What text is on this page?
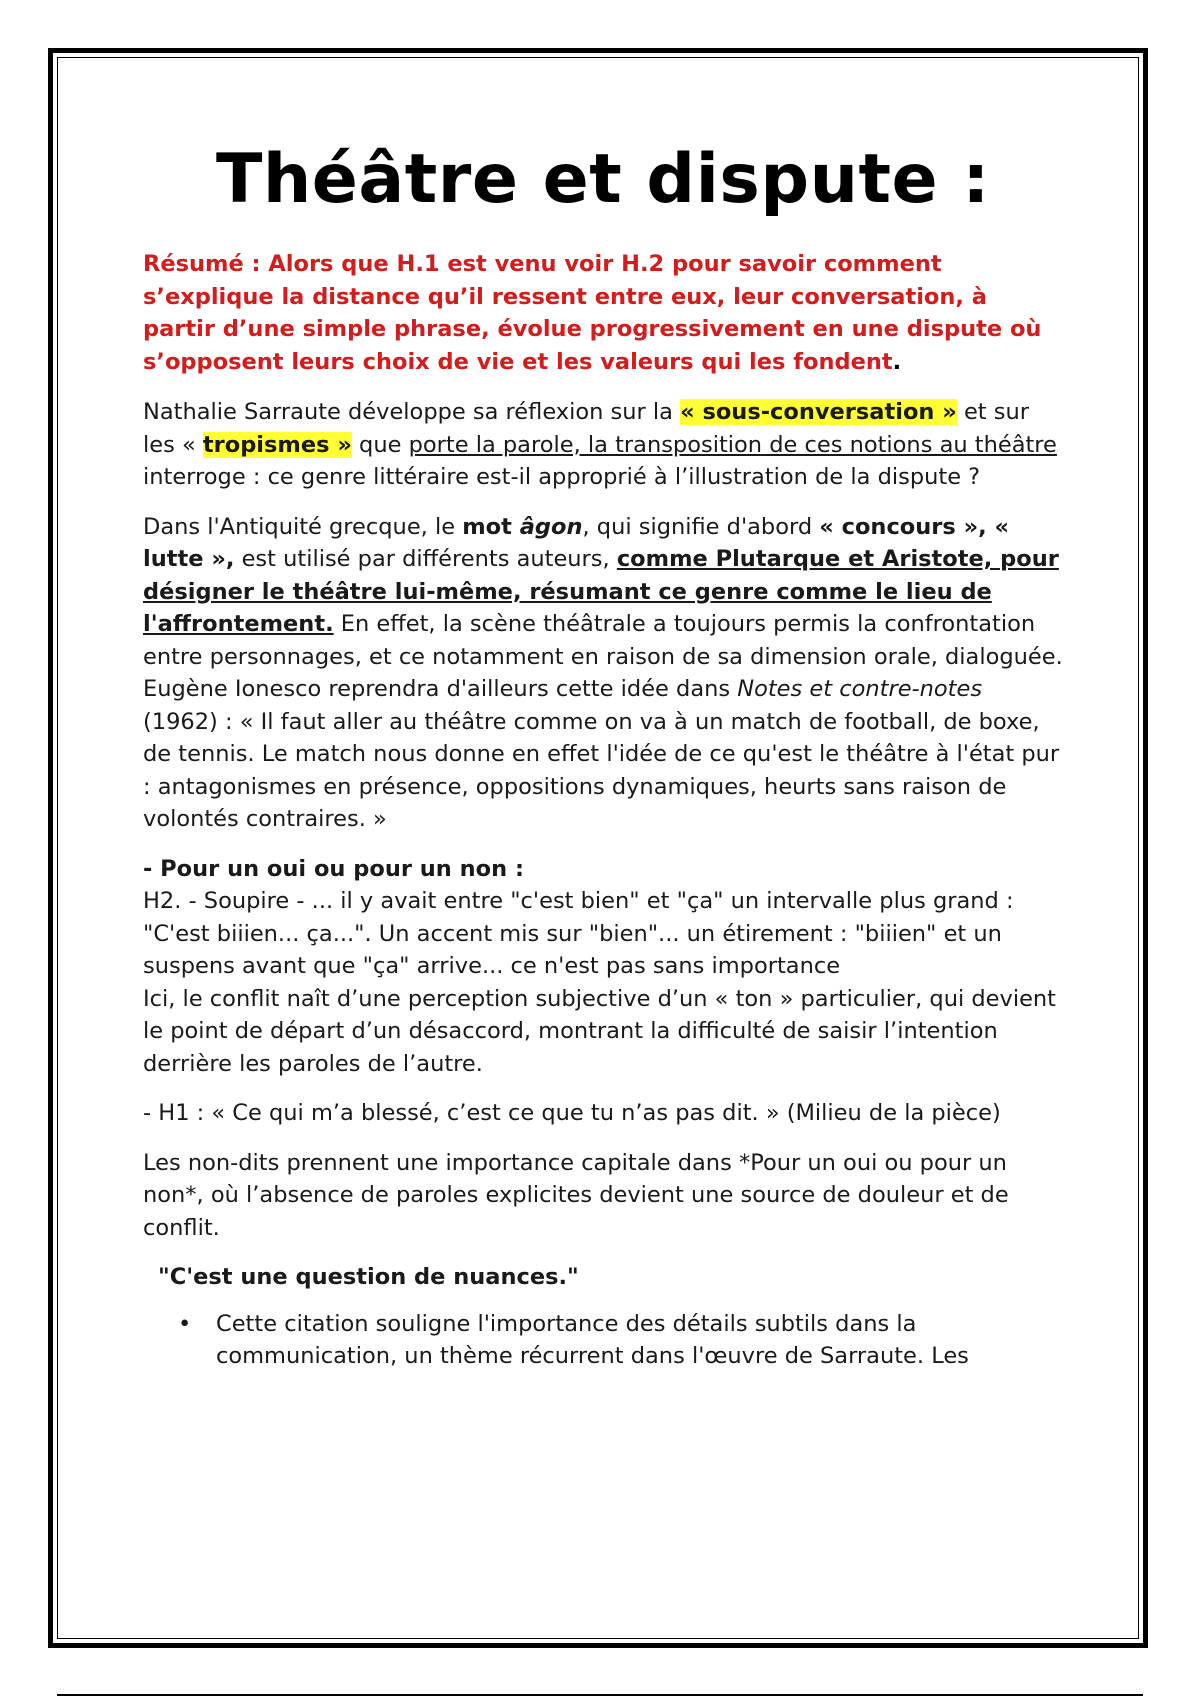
Théâtre et dispute :

Résumé : Alors que H.1 est venu voir H.2 pour savoir comment s’explique la distance qu’il ressent entre eux, leur conversation, à partir d’une simple phrase, évolue progressivement en une dispute où s’opposent leurs choix de vie et les valeurs qui les fondent.

Nathalie Sarraute développe sa réflexion sur la « sous-conversation » et sur les « tropismes » que porte la parole, la transposition de ces notions au théâtre interroge : ce genre littéraire est-il approprié à l’illustration de la dispute ?

Dans l'Antiquité grecque, le mot âgon, qui signifie d'abord « concours », « lutte », est utilisé par différents auteurs, comme Plutarque et Aristote, pour désigner le théâtre lui-même, résumant ce genre comme le lieu de l'affrontement. En effet, la scène théâtrale a toujours permis la confrontation entre personnages, et ce notamment en raison de sa dimension orale, dialoguée. Eugène Ionesco reprendra d'ailleurs cette idée dans Notes et contre-notes (1962) : « Il faut aller au théâtre comme on va à un match de football, de boxe, de tennis. Le match nous donne en effet l'idée de ce qu'est le théâtre à l'état pur : antagonismes en présence, oppositions dynamiques, heurts sans raison de volontés contraires. »

- Pour un oui ou pour un non :

H2. - Soupire - ... il y avait entre "c'est bien" et "ça" un intervalle plus grand : "C'est biiien... ça...". Un accent mis sur "bien"... un étirement : "biiien" et un suspens avant que "ça" arrive... ce n'est pas sans importance

Ici, le conflit naît d’une perception subjective d’un « ton » particulier, qui devient le point de départ d’un désaccord, montrant la difficulté de saisir l’intention derrière les paroles de l’autre.

- H1 : « Ce qui m’a blessé, c’est ce que tu n’as pas dit. » (Milieu de la pièce)

Les non-dits prennent une importance capitale dans *Pour un oui ou pour un non*, où l’absence de paroles explicites devient une source de douleur et de conflit.

"C'est une question de nuances."

• Cette citation souligne l'importance des détails subtils dans la communication, un thème récurrent dans l'œuvre de Sarraute. Les
